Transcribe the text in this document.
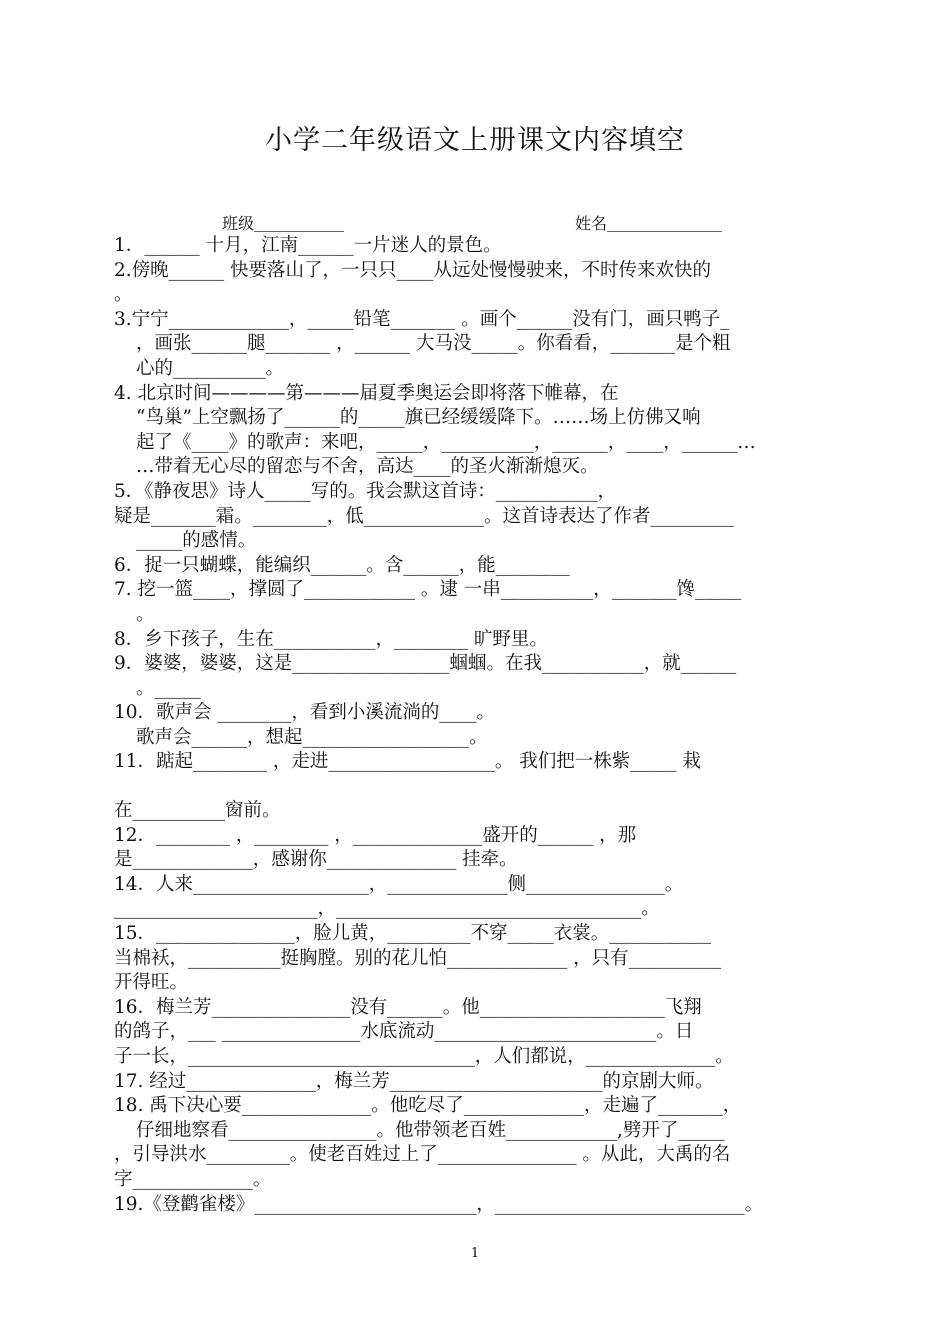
小学二年级语文上册课文内容填空
班级	姓名

1．______ 十月，江南______一片迷人的景色。

2.傍晚______ 快要落山了，一只只____从远处慢慢驶来，不时传来欢快的

。

3.宁宁_____________，_____铅笔_______ 。画个______没有门，画只鸭子_

，画张______腿_______ ，______ 大马没_____。你看看，_______是个粗

心的__________。

4. 北京时间————第———届夏季奥运会即将落下帷幕，在

“鸟巢”上空飘扬了______的_____旗已经缓缓降下。……场上仿佛又响

起了《____》的歌声：来吧，_____，__________，______，____，______…

…带着无心尽的留恋与不舍，高达____的圣火渐渐熄灭。

5．《静夜思》诗人_____写的。我会默这首诗：___________，

疑是_______霜。________，低_____________。这首诗表达了作者_________

_____的感情。

6．捉一只蝴蝶，能编织______。含______，能________

7. 挖一篮____，撑圆了____________ 。逮 一串__________，_______馋_____

。

8．乡下孩子，生在___________，________ 旷野里。

9．婆婆，婆婆，这是_________________蝈蝈。在我___________，就______

。_____

10．歌声会 ________，看到小溪流淌的____。

歌声会______，想起__________________。

11．踮起________ ，走进__________________。 我们把一株紫_____ 栽

在__________窗前。

12．________ ，________ ，______________盛开的______ ，那

是_____________，感谢你______________ 挂牵。

14．人来___________________，_____________侧_______________。

______________________，_________________________________。

15．_______________，脸儿黄，_________不穿_____衣裳。___________

当棉袄，__________挺胸膛。别的花儿怕_____________ ，只有__________

开得旺。

16．梅兰芳_______________没有______。他____________________飞翔

的鸽子，___ _______________水底流动________________________。日

子一长，_______________________________，人们都说，______________。

17. 经过______________，梅兰芳_______________________的京剧大师。

18. 禹下决心要______________。他吃尽了_____________，走遍了_______，

仔细地察看________________。他带领老百姓____________,劈开了_____

，引导洪水_________。使老百姓过上了_______________ 。从此，大禹的名

字_____________。

19.《登鹳雀楼》________________________，___________________________。

1
